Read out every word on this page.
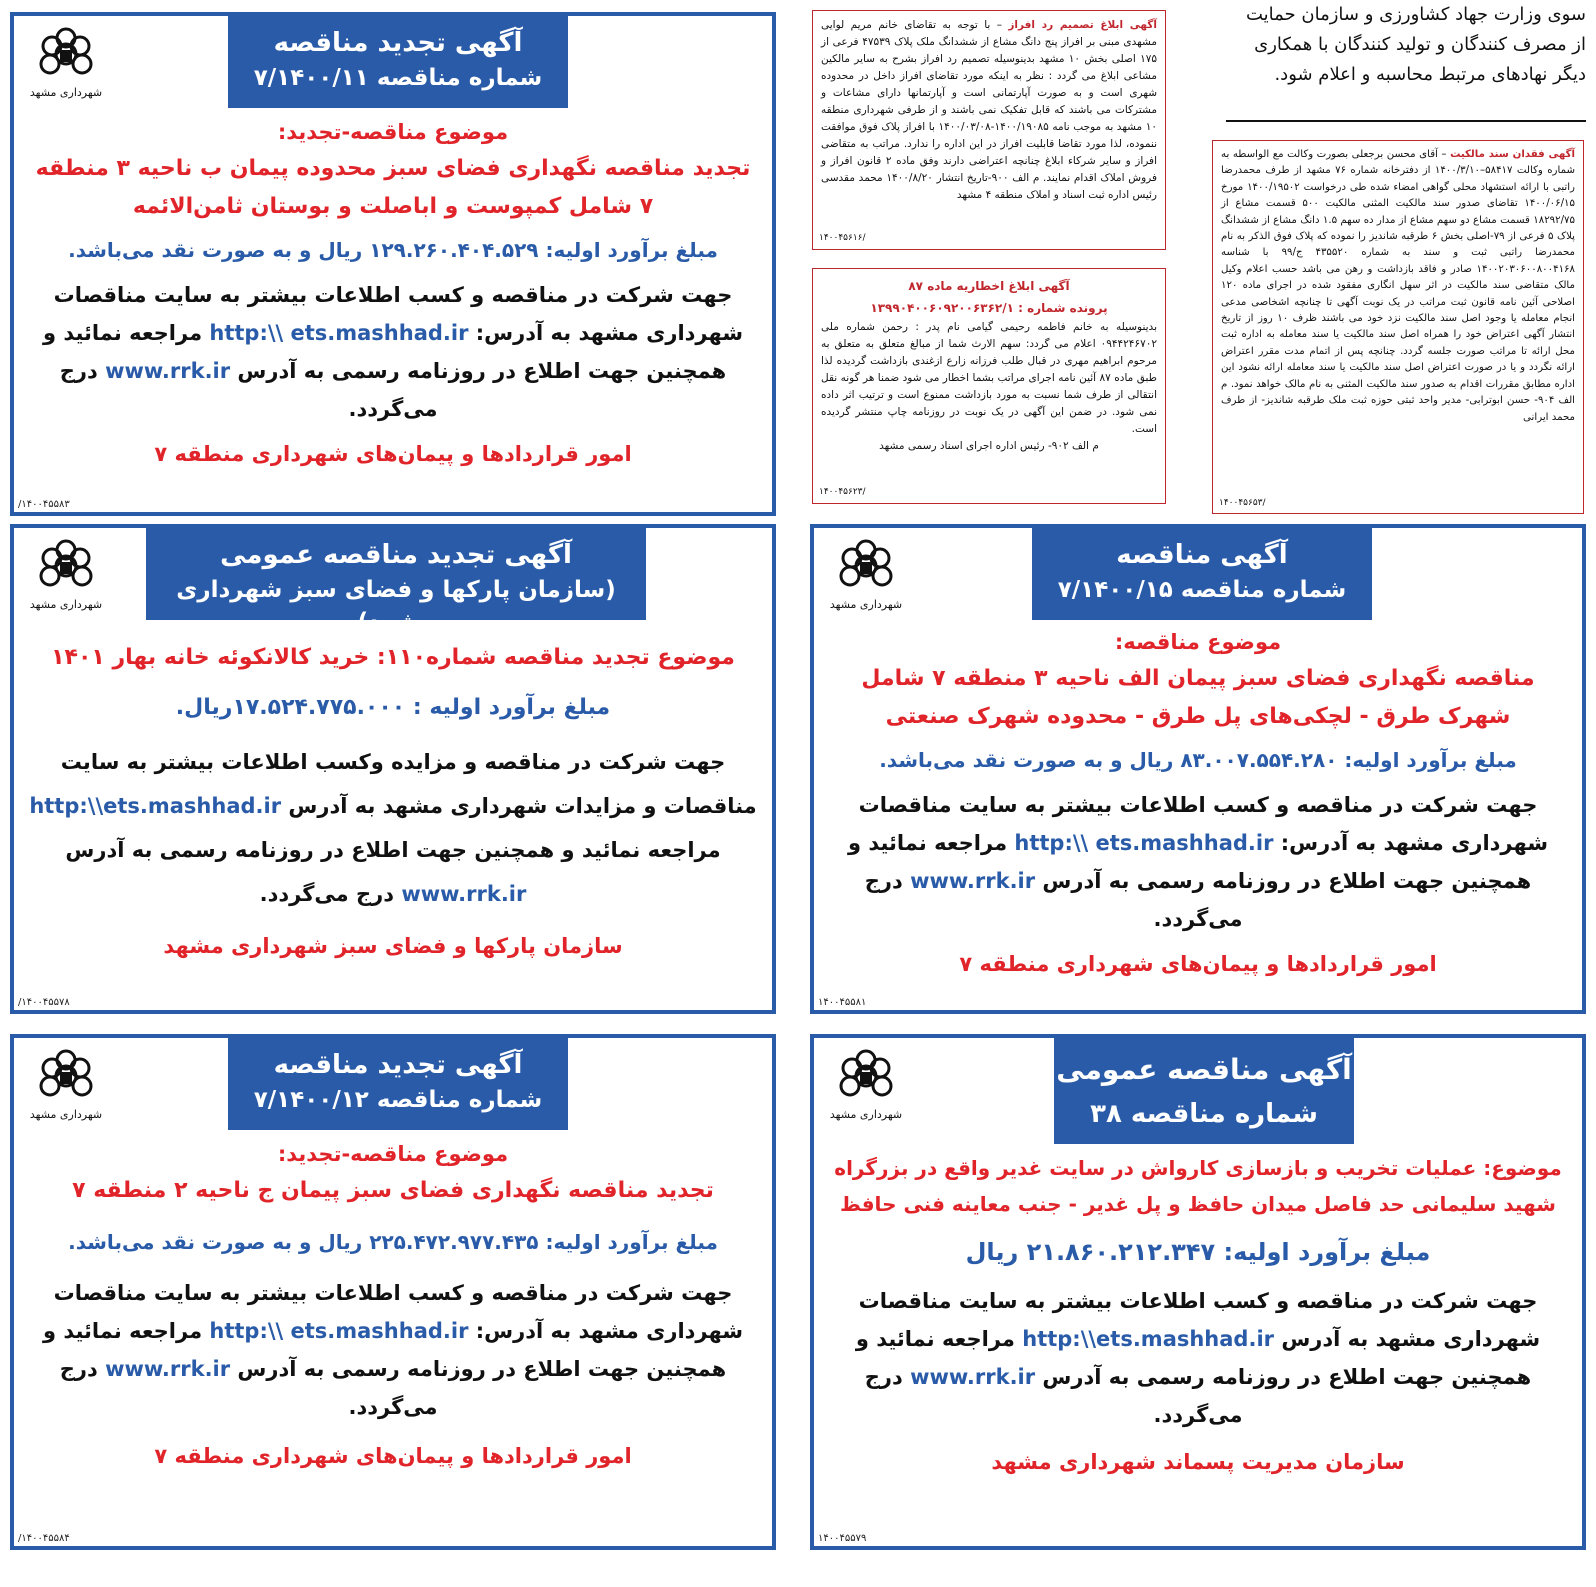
سوی وزارت جهاد کشاورزی و سازمان حمایت
از مصرف کنندگان و تولید کنندگان با همکاری
دیگر نهادهای مرتبط محاسبه و اعلام شود.
آگهی ابلاغ تصمیم رد افراز – با توجه به تقاضای خانم مریم لوایی مشهدی مبنی بر افراز پنج دانگ مشاع از ششدانگ ملک پلاک ۴۷۵۳۹ فرعی از ۱۷۵ اصلی بخش ۱۰ مشهد بدینوسیله تصمیم رد افراز بشرح به سایر مالکین مشاعی ابلاغ می گردد : نظر به اینکه مورد تقاضای افراز داخل در محدوده شهری است و به صورت آپارتمانی است و آپارتمانها دارای مشاعات و مشترکات می باشند که قابل تفکیک نمی باشند و از طرفی شهرداری منطقه ۱۰ مشهد به موجب نامه ۱۴۰۰/۱۹۰۸۵-۱۴۰۰/۰۳/۰۸ با افراز پلاک فوق موافقت ننموده، لذا مورد تقاضا قابلیت افراز در این اداره را ندارد. مراتب به متقاضی افراز و سایر شرکاء ابلاغ چنانچه اعتراضی دارند وفق ماده ۲ قانون افراز و فروش املاک اقدام نمایند. م الف ۹۰۰-تاریخ انتشار ۱۴۰۰/۸/۲۰ محمد مقدسی رئیس اداره ثبت اسناد و املاک منطقه ۴ مشهد
۱۴۰۰۴۵۶۱۶/
آگهی ابلاغ اخطاریه ماده ۸۷
پرونده شماره : ۱۳۹۹۰۴۰۰۶۰۹۲۰۰۶۳۶۲/۱
بدینوسیله به خانم فاطمه رحیمی گیامی نام پدر : رحمن شماره ملی ۰۹۴۴۲۴۶۷۰۲ اعلام می گردد: سهم الارث شما از مبالغ متعلق به متعلق به مرحوم ابراهیم مهری در قبال طلب فرزانه زارع ازغندی بازداشت گردیده لذا طبق ماده ۸۷ آئین نامه اجرای مراتب بشما اخطار می شود ضمنا هر گونه نقل انتقالی از طرف شما نسبت به مورد بازداشت ممنوع است و ترتیب اثر داده نمی شود. در ضمن این آگهی در یک نوبت در روزنامه چاپ منتشر گردیده است.
م الف ۹۰۲- رئیس اداره اجرای اسناد رسمی مشهد
۱۴۰۰۴۵۶۲۳/
آگهی فقدان سند مالکیت – آقای محسن برجعلی بصورت وکالت مع الواسطه به شماره وکالت ۵۸۴۱۷–۱۴۰۰/۳/۱۰ از دفترخانه شماره ۷۶ مشهد از طرف محمدرضا راتبی با ارائه استشهاد محلی گواهی امضاء شده طی درخواست ۱۴۰۰/۱۹۵۰۲ مورخ ۱۴۰۰/۰۶/۱۵ تقاضای صدور سند مالکیت المثنی مالکیت ۵۰۰ قسمت مشاع از ۱۸۲۹۲/۷۵ قسمت مشاع دو سهم مشاع از مدار ده سهم ۱.۵ دانگ مشاع از ششدانگ پلاک ۵ فرعی از ۷۹-اصلی بخش ۶ طرقبه شاندیز را نموده که پلاک فوق الذکر به نام محمدرضا راتبی ثبت و سند به شماره ۴۳۵۵۲۰ ج/۹۹ با شناسه ۱۴۰۰۲۰۳۰۶۰۰۸۰۰۴۱۶۸ صادر و فاقد بازداشت و رهن می باشد حسب اعلام وکیل مالک متقاضی سند مالکیت در اثر سهل انگاری مفقود شده در اجرای ماده ۱۲۰ اصلاحی آئین نامه قانون ثبت مراتب در یک نوبت آگهی تا چنانچه اشخاصی مدعی انجام معامله یا وجود اصل سند مالکیت نزد خود می باشند ظرف ۱۰ روز از تاریخ انتشار آگهی اعتراض خود را همراه اصل سند مالکیت یا سند معامله به اداره ثبت محل ارائه تا مراتب صورت جلسه گردد. چنانچه پس از اتمام مدت مقرر اعتراض ارائه نگردد و یا در صورت اعتراض اصل سند مالکیت یا سند معامله ارائه نشود این اداره مطابق مقررات اقدام به صدور سند مالکیت المثنی به نام مالک خواهد نمود. م الف ۹۰۴- حسن ابوترابی- مدیر واحد ثبتی حوزه ثبت ملک طرقبه شاندیز- از طرف محمد ایرانی
۱۴۰۰۴۵۶۵۳/
آگهی تجدید مناقصه
شماره مناقصه ۷/۱۴۰۰/۱۱
شهرداری مشهد
موضوع مناقصه-تجدید:
تجدید مناقصه نگهداری فضای سبز محدوده پیمان ب ناحیه ۳ منطقه ۷ شامل کمپوست و اباصلت و بوستان ثامن‌الائمه
مبلغ برآورد اولیه: ۱۲۹.۲۶۰.۴۰۴.۵۲۹ ریال و به صورت نقد می‌باشد.
جهت شرکت در مناقصه و کسب اطلاعات بیشتر به سایت مناقصات شهرداری مشهد به آدرس: http:\\ ets.mashhad.ir مراجعه نمائید و همچنین جهت اطلاع در روزنامه رسمی به آدرس www.rrk.ir درج می‌گردد.
امور قراردادها و پیمان‌های شهرداری منطقه ۷
/۱۴۰۰۴۵۵۸۳
آگهی تجدید مناقصه عمومی
(سازمان پارکها و فضای سبز شهرداری مشهد)
شهرداری مشهد
موضوع تجدید مناقصه شماره۱۱۰: خرید کالانکوئه خانه بهار ۱۴۰۱
مبلغ برآورد اولیه : ۱۷.۵۲۴.۷۷۵.۰۰۰ریال.
جهت شرکت در مناقصه و مزایده وکسب اطلاعات بیشتر به سایت مناقصات و مزایدات شهرداری مشهد به آدرس http:\\ets.mashhad.ir مراجعه نمائید و همچنین جهت اطلاع در روزنامه رسمی به آدرس www.rrk.ir درج می‌گردد.
سازمان پارکها و فضای سبز شهرداری مشهد
/۱۴۰۰۴۵۵۷۸
آگهی مناقصه
شماره مناقصه ۷/۱۴۰۰/۱۵
شهرداری مشهد
موضوع مناقصه:
مناقصه نگهداری فضای سبز پیمان الف ناحیه ۳ منطقه ۷ شامل شهرک طرق - لچکی‌های پل طرق - محدوده شهرک صنعتی
مبلغ برآورد اولیه: ۸۳.۰۰۷.۵۵۴.۲۸۰ ریال و به صورت نقد می‌باشد.
جهت شرکت در مناقصه و کسب اطلاعات بیشتر به سایت مناقصات شهرداری مشهد به آدرس: http:\\ ets.mashhad.ir مراجعه نمائید و همچنین جهت اطلاع در روزنامه رسمی به آدرس www.rrk.ir درج می‌گردد.
امور قراردادها و پیمان‌های شهرداری منطقه ۷
۱۴۰۰۴۵۵۸۱
آگهی تجدید مناقصه
شماره مناقصه ۷/۱۴۰۰/۱۲
شهرداری مشهد
موضوع مناقصه-تجدید:
تجدید مناقصه نگهداری فضای سبز پیمان ج ناحیه ۲ منطقه ۷
مبلغ برآورد اولیه: ۲۲۵.۴۷۲.۹۷۷.۴۳۵ ریال و به صورت نقد می‌باشد.
جهت شرکت در مناقصه و کسب اطلاعات بیشتر به سایت مناقصات شهرداری مشهد به آدرس: http:\\ ets.mashhad.ir مراجعه نمائید و همچنین جهت اطلاع در روزنامه رسمی به آدرس www.rrk.ir درج می‌گردد.
امور قراردادها و پیمان‌های شهرداری منطقه ۷
/۱۴۰۰۴۵۵۸۴
آگهی مناقصه عمومی
شماره مناقصه ۳۸
شهرداری مشهد
موضوع: عملیات تخریب و بازسازی کارواش در سایت غدیر واقع در بزرگراه شهید سلیمانی حد فاصل میدان حافظ و پل غدیر - جنب معاینه فنی حافظ
مبلغ برآورد اولیه: ۲۱.۸۶۰.۲۱۲.۳۴۷ ریال
جهت شرکت در مناقصه و کسب اطلاعات بیشتر به سایت مناقصات شهرداری مشهد به آدرس http:\\ets.mashhad.ir مراجعه نمائید و همچنین جهت اطلاع در روزنامه رسمی به آدرس www.rrk.ir درج می‌گردد.
سازمان مدیریت پسماند شهرداری مشهد
۱۴۰۰۴۵۵۷۹
